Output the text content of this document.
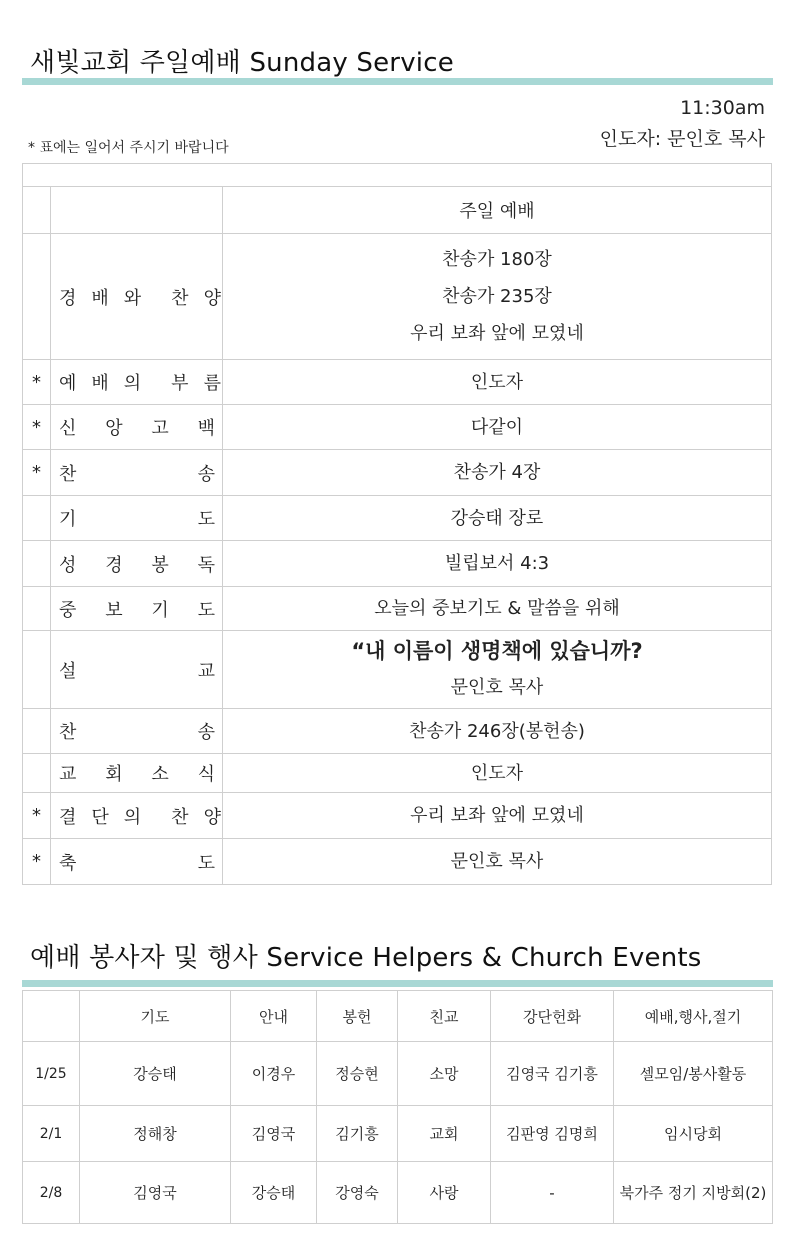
새빛교회 주일예배 Sunday Service
11:30am
인도자: 문인호 목사
* 표에는 일어서 주시기 바랍니다

		주일 예배

	경 배 와 찬 양	찬송가 180장
찬송가 235장
우리 보좌 앞에 모였네

*	예 배 의 부 름	인도자

*	신 앙 고 백	다같이

*	찬 송	찬송가 4장

	기 도	강승태 장로

	성 경 봉 독	빌립보서 4:3

	중 보 기 도	오늘의 중보기도 & 말씀을 위해

	설 교	“내 이름이 생명책에 있습니까?
문인호 목사

	찬 송	찬송가 246장(봉헌송)

	교 회 소 식	인도자

*	결 단 의 찬 양	우리 보좌 앞에 모였네

*	축 도	문인호 목사
예배 봉사자 및 행사 Service Helpers & Church Events
	기도	안내	봉헌	친교	강단헌화	예배,행사,절기
1/25	강승태	이경우	정승현	소망	김영국 김기흥	셀모임/봉사활동
2/1	정해창	김영국	김기흥	교회	김판영 김명희	임시당회
2/8	김영국	강승태	강영숙	사랑	-	북가주 정기 지방회(2)
